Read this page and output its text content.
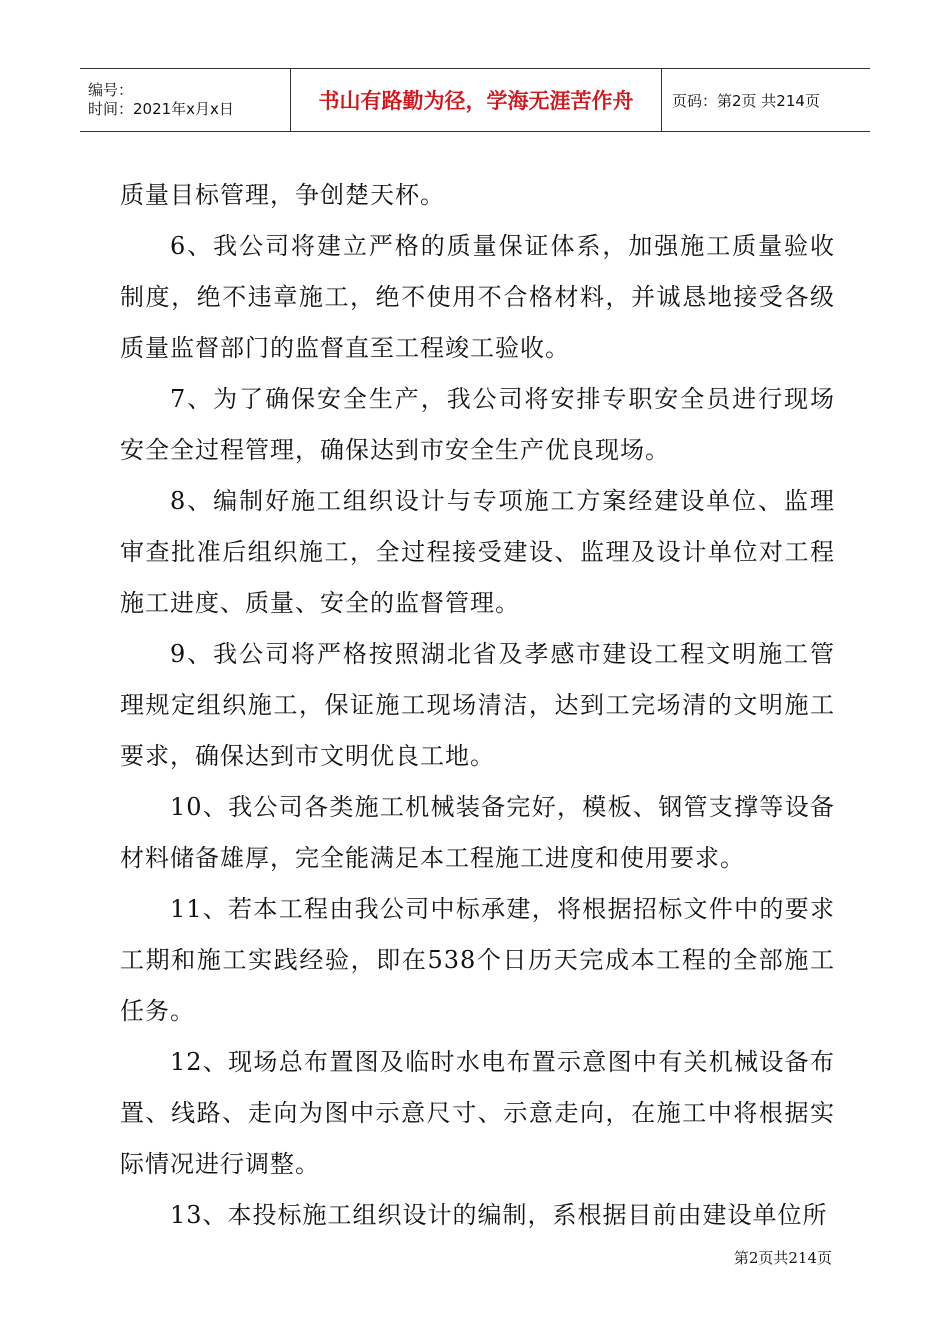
编号：
时间：2021年x月x日	书山有路勤为径，学海无涯苦作舟	页码：第2页 共214页

质量目标管理，争创楚天杯。

6、我公司将建立严格的质量保证体系，加强施工质量验收制度，绝不违章施工，绝不使用不合格材料，并诚恳地接受各级质量监督部门的监督直至工程竣工验收。

7、为了确保安全生产，我公司将安排专职安全员进行现场安全全过程管理，确保达到市安全生产优良现场。

8、编制好施工组织设计与专项施工方案经建设单位、监理审查批准后组织施工，全过程接受建设、监理及设计单位对工程施工进度、质量、安全的监督管理。

9、我公司将严格按照湖北省及孝感市建设工程文明施工管理规定组织施工，保证施工现场清洁，达到工完场清的文明施工要求，确保达到市文明优良工地。

10、我公司各类施工机械装备完好，模板、钢管支撑等设备材料储备雄厚，完全能满足本工程施工进度和使用要求。

11、若本工程由我公司中标承建，将根据招标文件中的要求工期和施工实践经验，即在538个日历天完成本工程的全部施工任务。

12、现场总布置图及临时水电布置示意图中有关机械设备布置、线路、走向为图中示意尺寸、示意走向，在施工中将根据实际情况进行调整。

13、本投标施工组织设计的编制，系根据目前由建设单位所

第2页共214页
